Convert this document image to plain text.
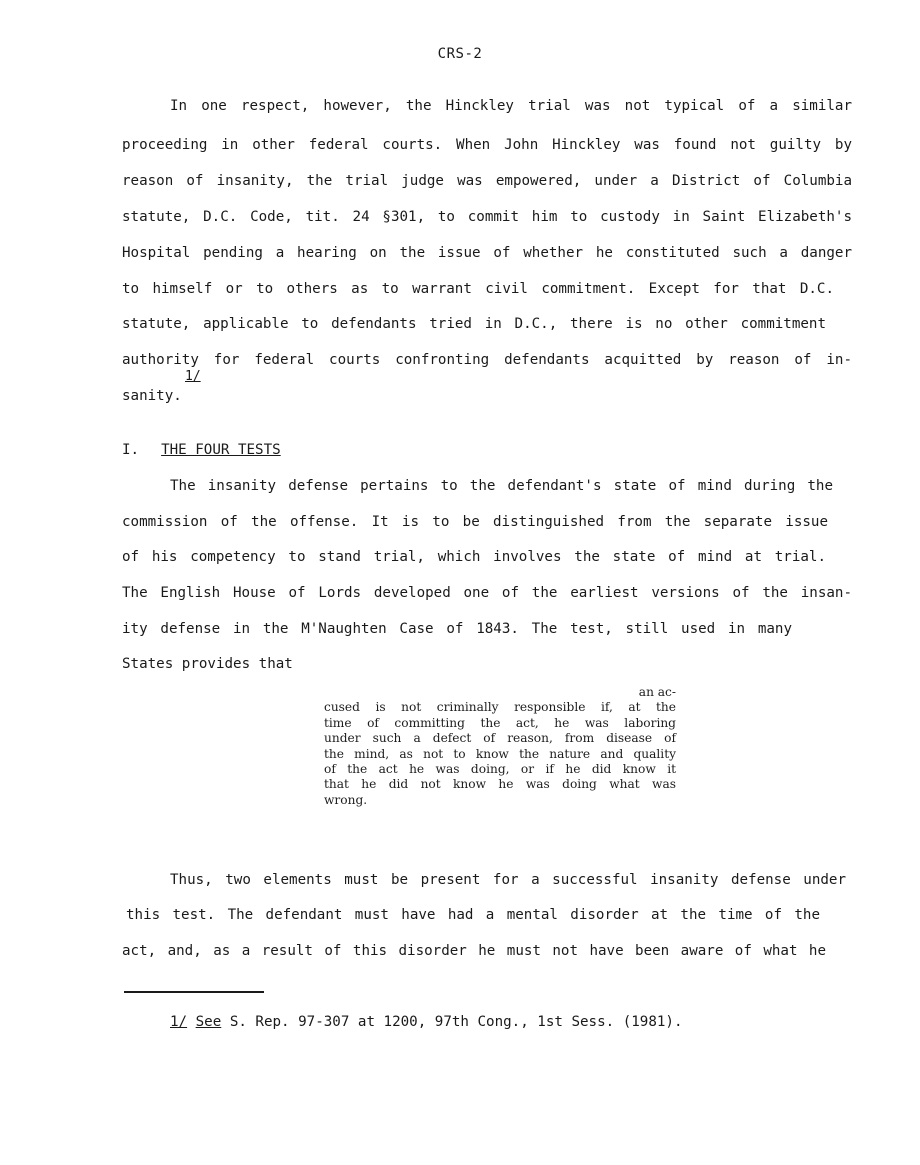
CRS-2
In one respect, however, the Hinckley trial was not typical of a similar
proceeding in other federal courts. When John Hinckley was found not guilty by
reason of insanity, the trial judge was empowered, under a District of Columbia
statute, D.C. Code, tit. 24 §301, to commit him to custody in Saint Elizabeth's
Hospital pending a hearing on the issue of whether he constituted such a danger
to himself or to others as to warrant civil commitment. Except for that D.C.
statute, applicable to defendants tried in D.C., there is no other commitment
authority for federal courts confronting defendants acquitted by reason of in-
1/
sanity.
I. THE FOUR TESTS
The insanity defense pertains to the defendant's state of mind during the
commission of the offense. It is to be distinguished from the separate issue
of his competency to stand trial, which involves the state of mind at trial.
The English House of Lords developed one of the earliest versions of the insan-
ity defense in the M'Naughten Case of 1843. The test, still used in many
States provides that
an ac-
cused is not criminally responsible if, at the
time of committing the act, he was laboring
under such a defect of reason, from disease of
the mind, as not to know the nature and quality
of the act he was doing, or if he did know it
that he did not know he was doing what was
wrong.
Thus, two elements must be present for a successful insanity defense under
this test. The defendant must have had a mental disorder at the time of the
act, and, as a result of this disorder he must not have been aware of what he
1/ See S. Rep. 97-307 at 1200, 97th Cong., 1st Sess. (1981).
